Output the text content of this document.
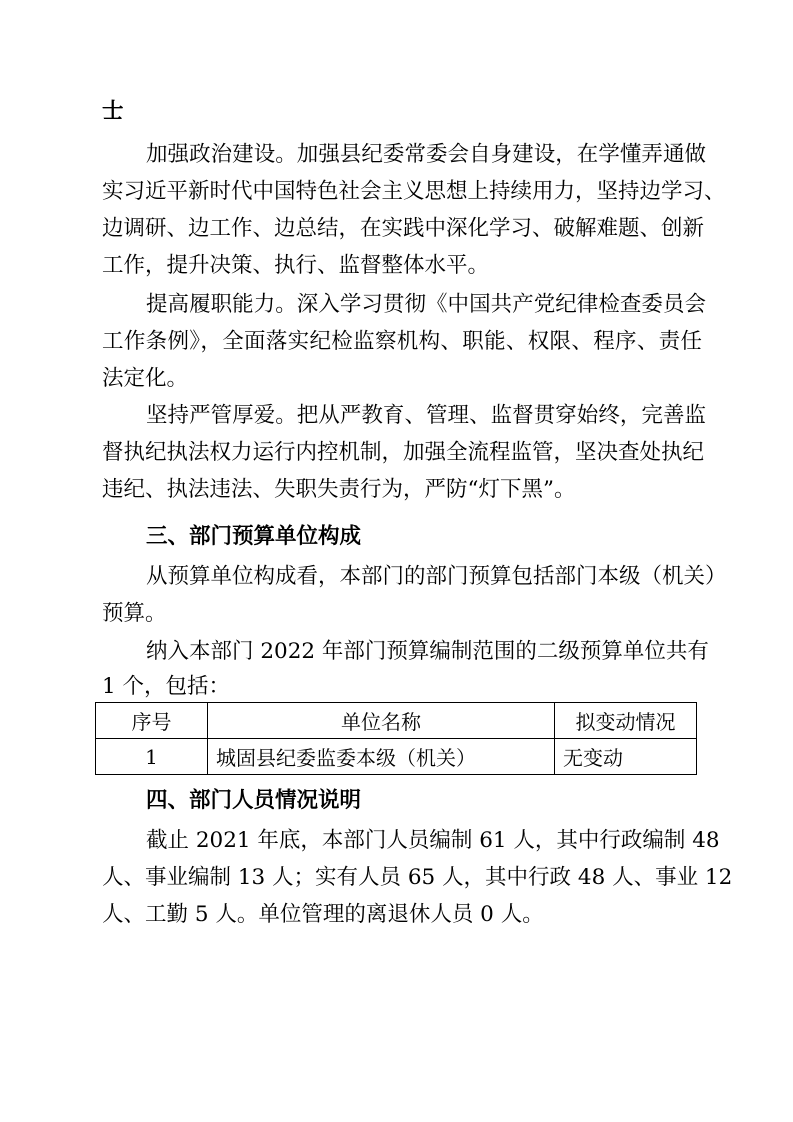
士
加强政治建设。加强县纪委常委会自身建设，在学懂弄通做
实习近平新时代中国特色社会主义思想上持续用力，坚持边学习、
边调研、边工作、边总结，在实践中深化学习、破解难题、创新
工作，提升决策、执行、监督整体水平。
提高履职能力。深入学习贯彻《中国共产党纪律检查委员会
工作条例》，全面落实纪检监察机构、职能、权限、程序、责任
法定化。
坚持严管厚爱。把从严教育、管理、监督贯穿始终，完善监
督执纪执法权力运行内控机制，加强全流程监管，坚决查处执纪
违纪、执法违法、失职失责行为，严防“灯下黑”。
三、部门预算单位构成
从预算单位构成看，本部门的部门预算包括部门本级（机关）
预算。
纳入本部门 2022 年部门预算编制范围的二级预算单位共有
1 个，包括：
序号	单位名称	拟变动情况
1	城固县纪委监委本级（机关）	无变动
四、部门人员情况说明
截止 2021 年底，本部门人员编制 61 人，其中行政编制 48
人、事业编制 13 人；实有人员 65 人，其中行政 48 人、事业 12
人、工勤 5 人。单位管理的离退休人员 0 人。
